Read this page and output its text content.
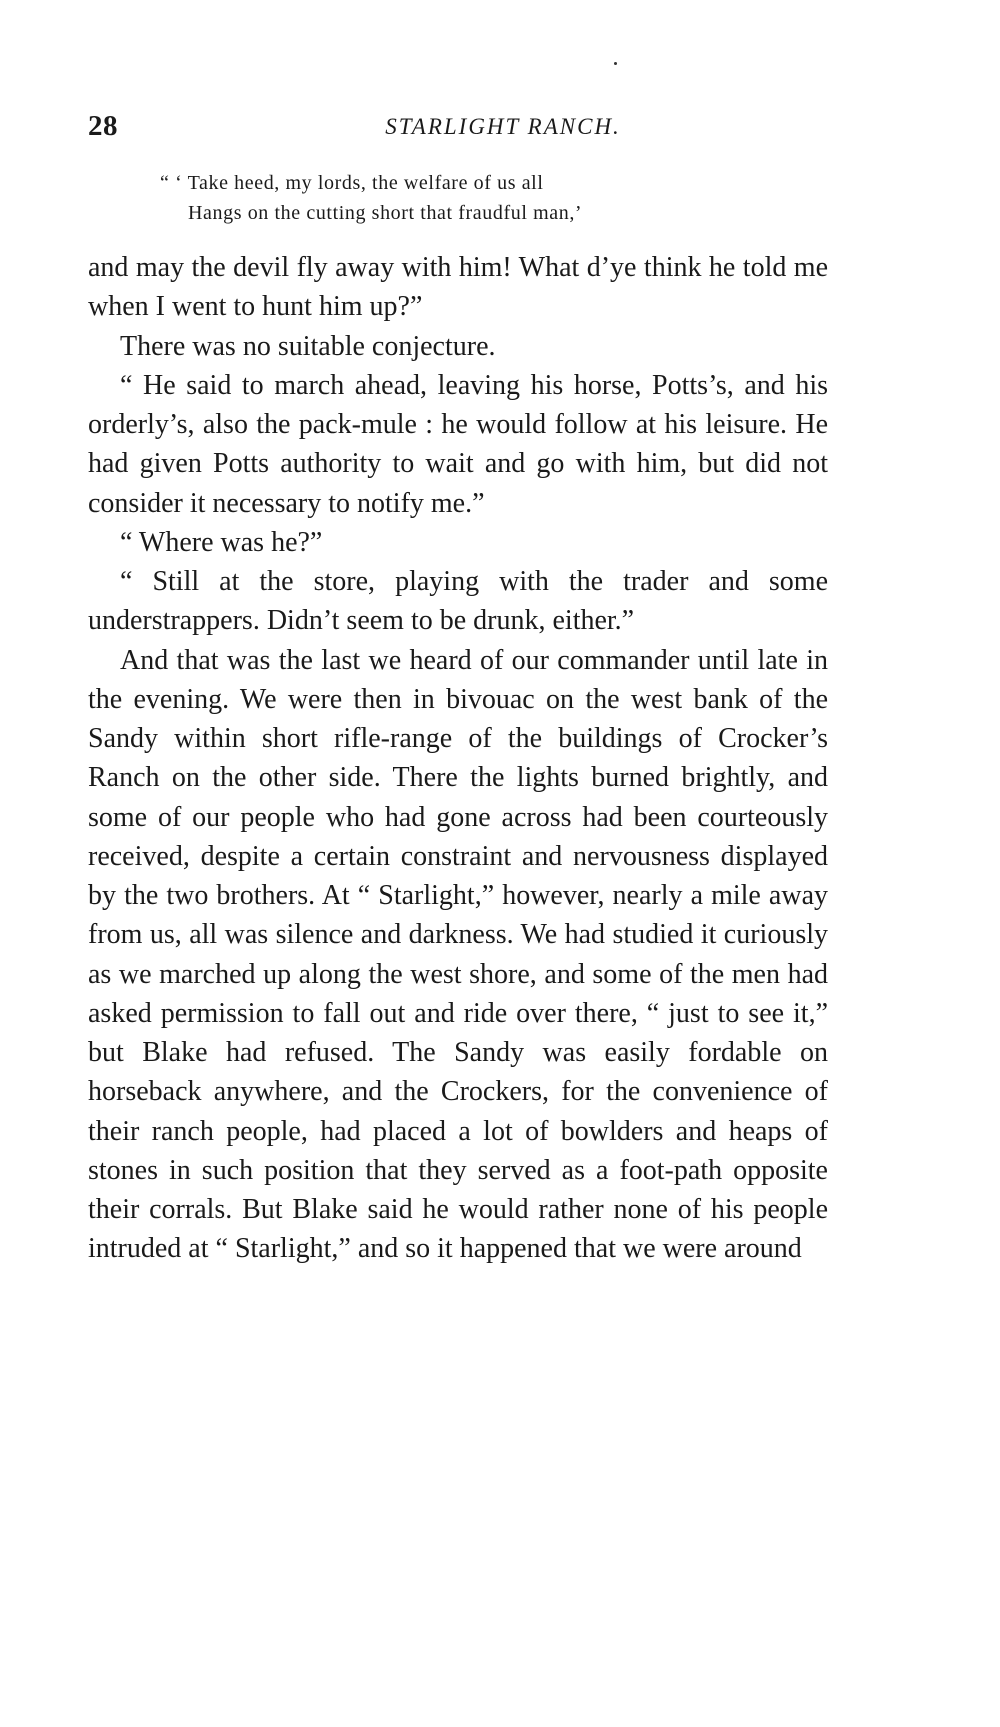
28	STARLIGHT RANCH.
“ ‘ Take heed, my lords, the welfare of us all
Hangs on the cutting short that fraudful man,’

and may the devil fly away with him! What d’ye think he told me when I went to hunt him up?”

There was no suitable conjecture.

“ He said to march ahead, leaving his horse, Potts’s, and his orderly’s, also the pack-mule : he would follow at his leisure. He had given Potts authority to wait and go with him, but did not consider it necessary to notify me.”

“ Where was he?”

“ Still at the store, playing with the trader and some understrappers. Didn’t seem to be drunk, either.”

And that was the last we heard of our commander until late in the evening. We were then in bivouac on the west bank of the Sandy within short rifle-range of the buildings of Crocker’s Ranch on the other side. There the lights burned brightly, and some of our people who had gone across had been courteously received, despite a certain constraint and nervousness displayed by the two brothers. At “ Starlight,” however, nearly a mile away from us, all was silence and darkness. We had studied it curiously as we marched up along the west shore, and some of the men had asked permission to fall out and ride over there, “ just to see it,” but Blake had refused. The Sandy was easily fordable on horseback anywhere, and the Crockers, for the convenience of their ranch people, had placed a lot of bowlders and heaps of stones in such position that they served as a foot-path opposite their corrals. But Blake said he would rather none of his people intruded at “ Starlight,” and so it happened that we were around
